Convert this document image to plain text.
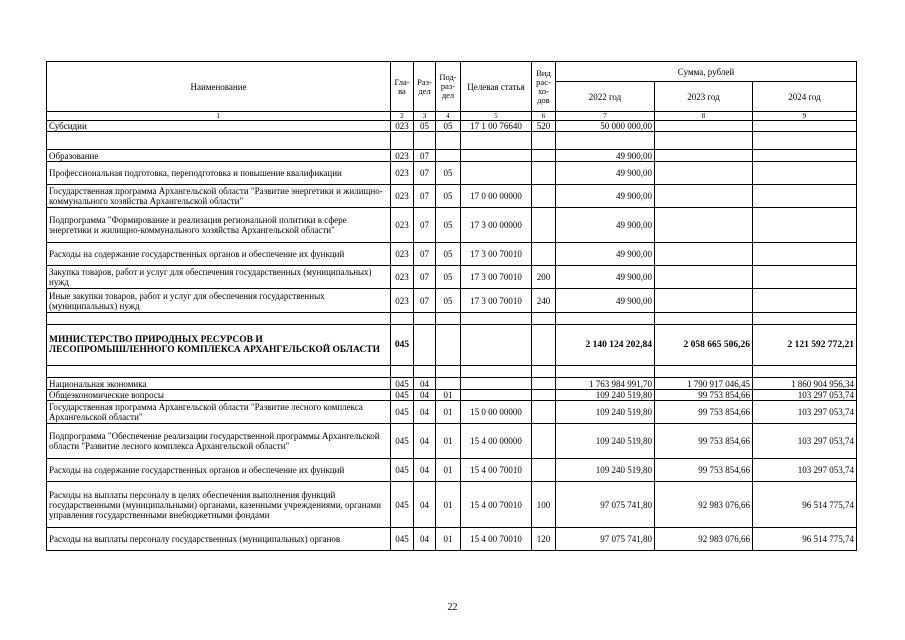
Наименование	Гла-ва	Раз-дел	Под-раз-дел	Целевая статья	Вид рас-хо-дов	Сумма, рублей		
						2022 год	2023 год	2024 год
1	2	3	4	5	6	7	8	9
Субсидии	023	05	05	17 1 00 76640	520	50 000 000,00		

Образование	023	07				49 900,00		
Профессиональная подготовка, переподготовка и повышение квалификации	023	07	05			49 900,00		
Государственная программа Архангельской области "Развитие энергетики и жилищно-коммунального хозяйства Архангельской области"	023	07	05	17 0 00 00000		49 900,00		
Подпрограмма "Формирование и реализация региональной политики в сфере энергетики и жилищно-коммунального хозяйства Архангельской области"	023	07	05	17 3 00 00000		49 900,00		
Расходы на содержание государственных органов и обеспечение их функций	023	07	05	17 3 00 70010		49 900,00		
Закупка товаров, работ и услуг для обеспечения государственных (муниципальных) нужд	023	07	05	17 3 00 70010	200	49 900,00		
Иные закупки товаров, работ и услуг для обеспечения государственных (муниципальных) нужд	023	07	05	17 3 00 70010	240	49 900,00		

МИНИСТЕРСТВО ПРИРОДНЫХ РЕСУРСОВ И ЛЕСОПРОМЫШЛЕННОГО КОМПЛЕКСА АРХАНГЕЛЬСКОЙ ОБЛАСТИ	045					2 140 124 202,84	2 058 665 506,26	2 121 592 772,21

Национальная экономика	045	04				1 763 984 991,70	1 790 917 046,45	1 860 904 956,34
Общеэкономические вопросы	045	04	01			109 240 519,80	99 753 854,66	103 297 053,74
Государственная программа Архангельской области "Развитие лесного комплекса Архангельской области"	045	04	01	15 0 00 00000		109 240 519,80	99 753 854,66	103 297 053,74
Подпрограмма "Обеспечение реализации государственной программы Архангельской области "Развитие лесного комплекса Архангельской области"	045	04	01	15 4 00 00000		109 240 519,80	99 753 854,66	103 297 053,74
Расходы на содержание государственных органов и обеспечение их функций	045	04	01	15 4 00 70010		109 240 519,80	99 753 854,66	103 297 053,74
Расходы на выплаты персоналу в целях обеспечения выполнения функций государственными (муниципальными) органами, казенными учреждениями, органами управления государственными внебюджетными фондами	045	04	01	15 4 00 70010	100	97 075 741,80	92 983 076,66	96 514 775,74
Расходы на выплаты персоналу государственных (муниципальных) органов	045	04	01	15 4 00 70010	120	97 075 741,80	92 983 076,66	96 514 775,74
22
